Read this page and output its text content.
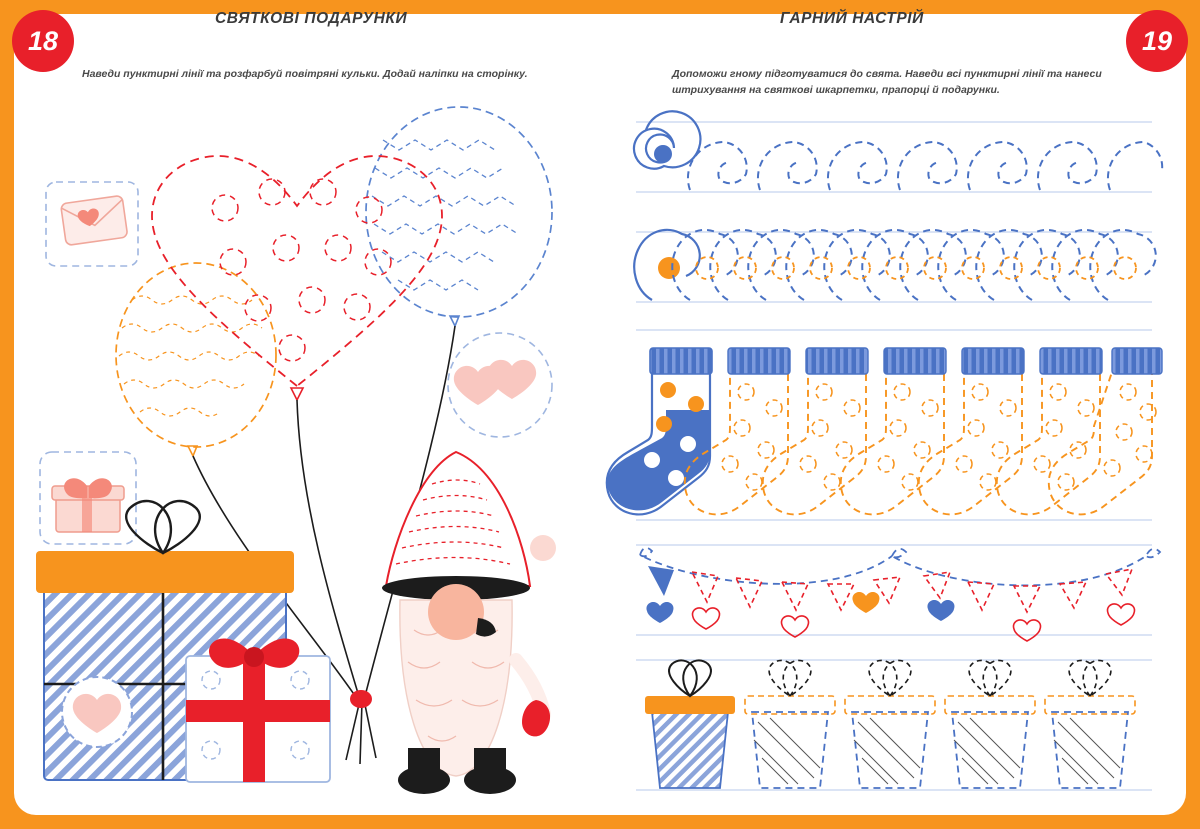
18	19
СВЯТКОВІ ПОДАРУНКИ	ГАРНИЙ НАСТРІЙ
Наведи пунктирні лінії та розфарбуй повітряні кульки. Додай наліпки на сторінку.	Допоможи гному підготуватися до свята. Наведи всі пунктирні лінії та нанеси штрихування на святкові шкарпетки, прапорці й подарунки.
